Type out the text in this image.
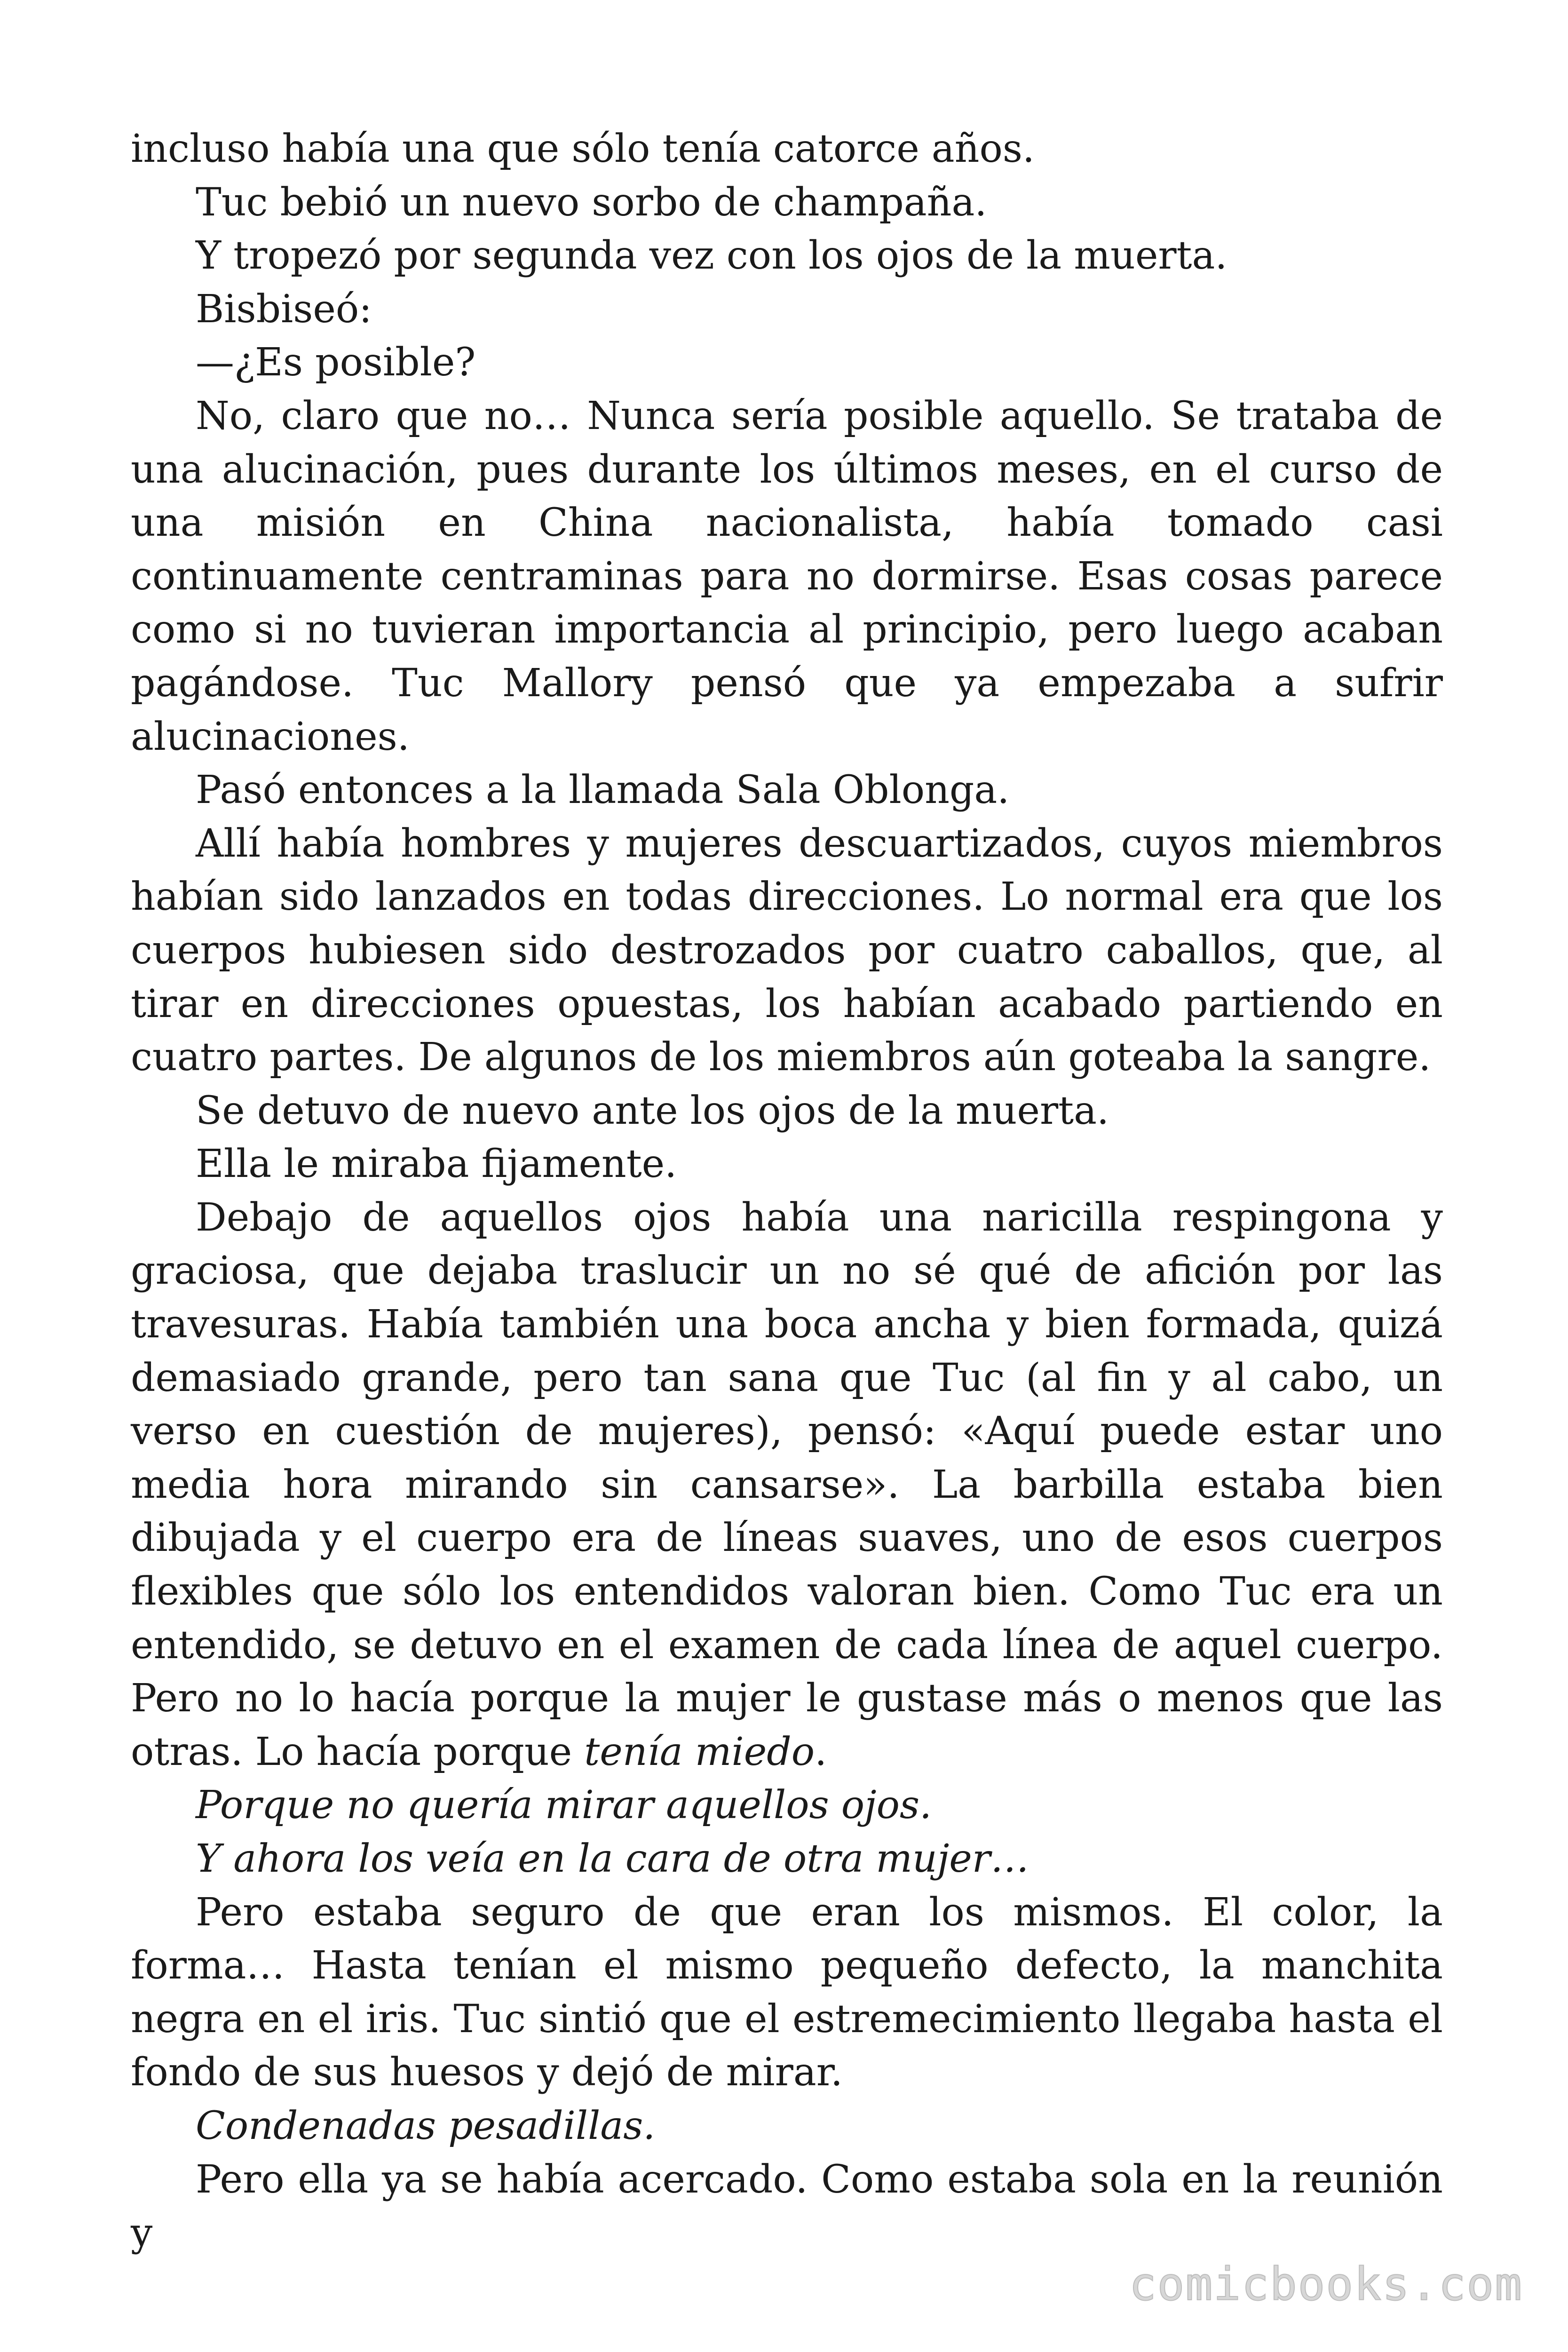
incluso había una que sólo tenía catorce años.

Tuc bebió un nuevo sorbo de champaña.

Y tropezó por segunda vez con los ojos de la muerta.

Bisbiseó:

—¿Es posible?

No, claro que no… Nunca sería posible aquello. Se trataba de una alucinación, pues durante los últimos meses, en el curso de una misión en China nacionalista, había tomado casi continuamente centraminas para no dormirse. Esas cosas parece como si no tuvieran importancia al principio, pero luego acaban pagándose. Tuc Mallory pensó que ya empezaba a sufrir alucinaciones.

Pasó entonces a la llamada Sala Oblonga.

Allí había hombres y mujeres descuartizados, cuyos miembros habían sido lanzados en todas direcciones. Lo normal era que los cuerpos hubiesen sido destrozados por cuatro caballos, que, al tirar en direcciones opuestas, los habían acabado partiendo en cuatro partes. De algunos de los miembros aún goteaba la sangre.

Se detuvo de nuevo ante los ojos de la muerta.

Ella le miraba fijamente.

Debajo de aquellos ojos había una naricilla respingona y graciosa, que dejaba traslucir un no sé qué de afición por las travesuras. Había también una boca ancha y bien formada, quizá demasiado grande, pero tan sana que Tuc (al fin y al cabo, un verso en cuestión de mujeres), pensó: «Aquí puede estar uno media hora mirando sin cansarse». La barbilla estaba bien dibujada y el cuerpo era de líneas suaves, uno de esos cuerpos flexibles que sólo los entendidos valoran bien. Como Tuc era un entendido, se detuvo en el examen de cada línea de aquel cuerpo. Pero no lo hacía porque la mujer le gustase más o menos que las otras. Lo hacía porque tenía miedo.

Porque no quería mirar aquellos ojos.

Y ahora los veía en la cara de otra mujer…

Pero estaba seguro de que eran los mismos. El color, la forma… Hasta tenían el mismo pequeño defecto, la manchita negra en el iris. Tuc sintió que el estremecimiento llegaba hasta el fondo de sus huesos y dejó de mirar.

Condenadas pesadillas.

Pero ella ya se había acercado. Como estaba sola en la reunión y

comicbooks.com
